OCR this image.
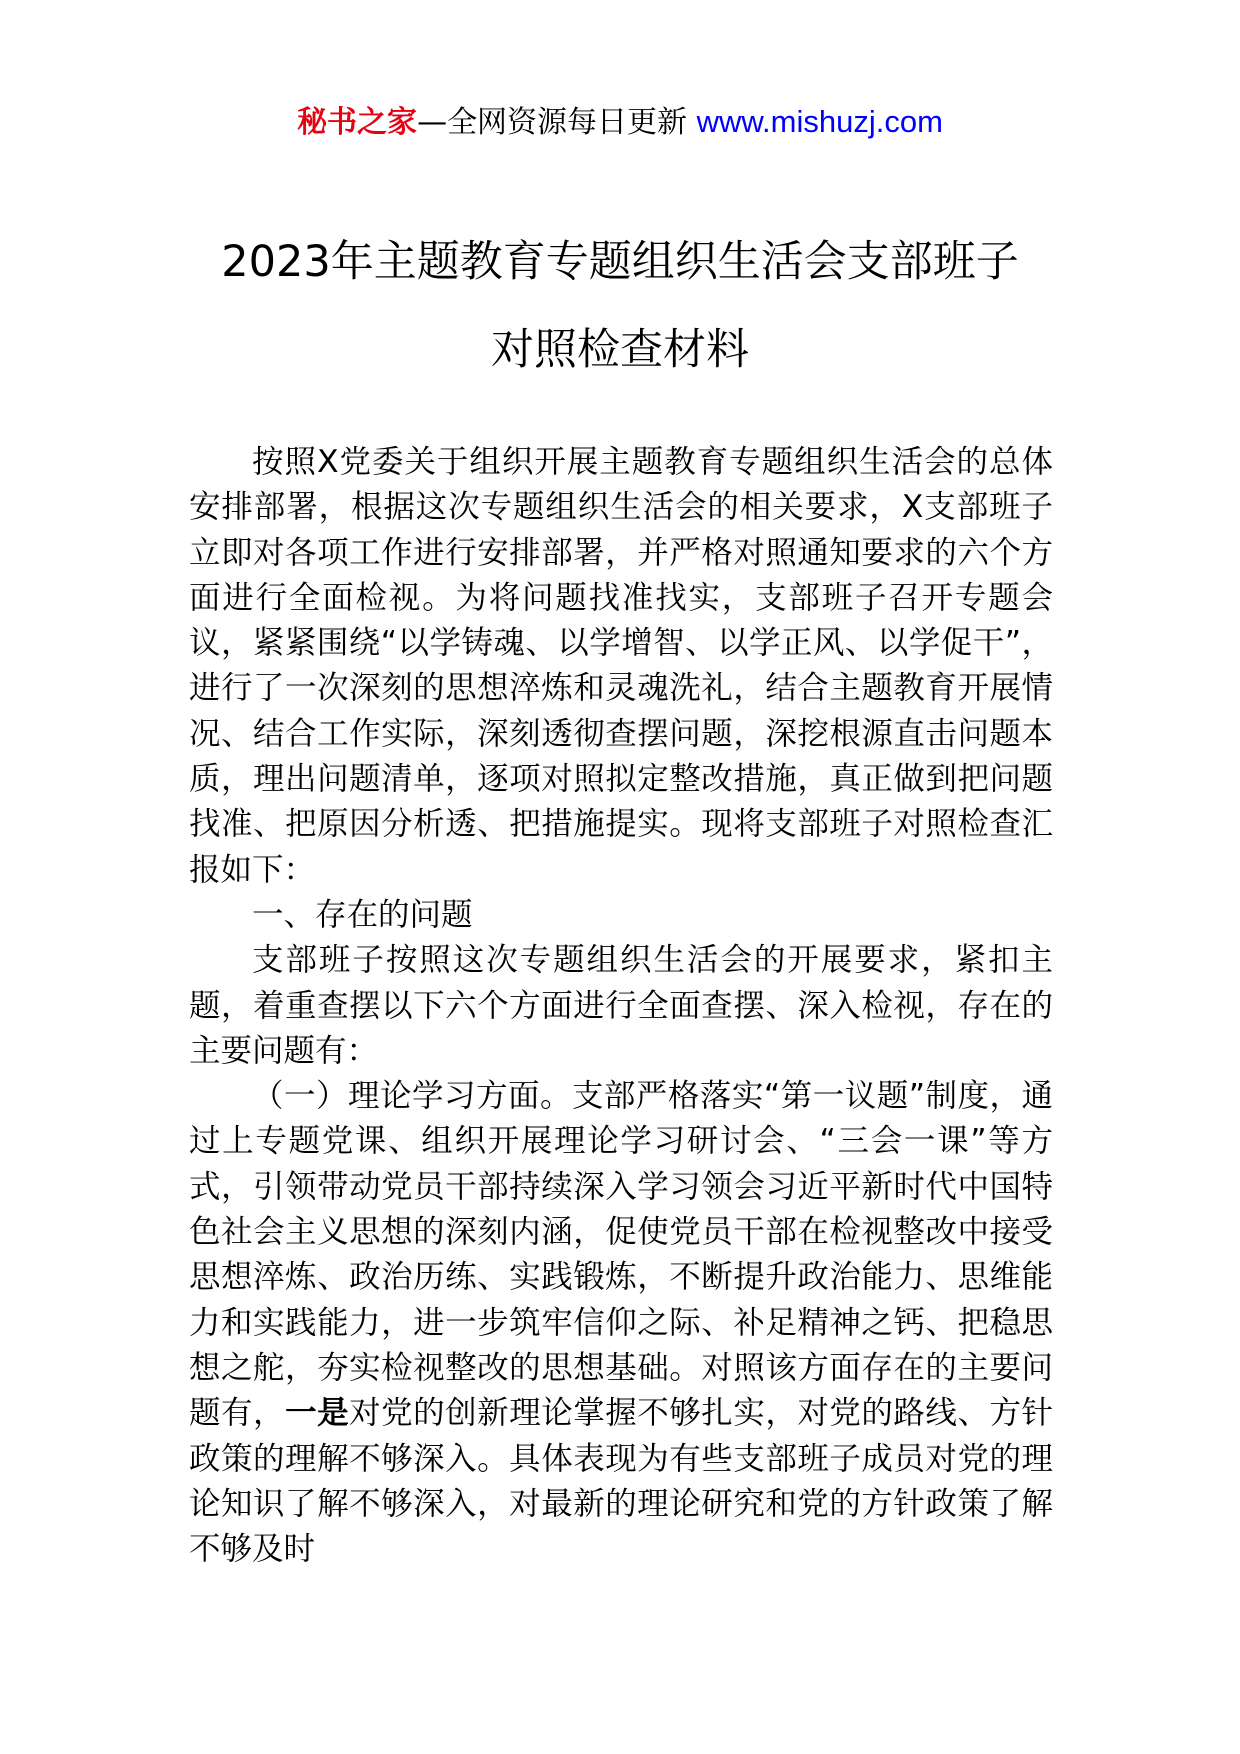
秘书之家—全网资源每日更新 www.mishuzj.com
2023年主题教育专题组织生活会支部班子
对照检查材料

按照X党委关于组织开展主题教育专题组织生活会的总体安排部署，根据这次专题组织生活会的相关要求，X支部班子立即对各项工作进行安排部署，并严格对照通知要求的六个方面进行全面检视。为将问题找准找实，支部班子召开专题会议，紧紧围绕“以学铸魂、以学增智、以学正风、以学促干”，进行了一次深刻的思想淬炼和灵魂洗礼，结合主题教育开展情况、结合工作实际，深刻透彻查摆问题，深挖根源直击问题本质，理出问题清单，逐项对照拟定整改措施，真正做到把问题找准、把原因分析透、把措施提实。现将支部班子对照检查汇报如下：

一、存在的问题

支部班子按照这次专题组织生活会的开展要求，紧扣主题，着重查摆以下六个方面进行全面查摆、深入检视，存在的主要问题有：

（一）理论学习方面。支部严格落实“第一议题”制度，通过上专题党课、组织开展理论学习研讨会、“三会一课”等方式，引领带动党员干部持续深入学习领会习近平新时代中国特色社会主义思想的深刻内涵，促使党员干部在检视整改中接受思想淬炼、政治历练、实践锻炼，不断提升政治能力、思维能力和实践能力，进一步筑牢信仰之际、补足精神之钙、把稳思想之舵，夯实检视整改的思想基础。对照该方面存在的主要问题有，一是对党的创新理论掌握不够扎实，对党的路线、方针政策的理解不够深入。具体表现为有些支部班子成员对党的理论知识了解不够深入，对最新的理论研究和党的方针政策了解不够及时
